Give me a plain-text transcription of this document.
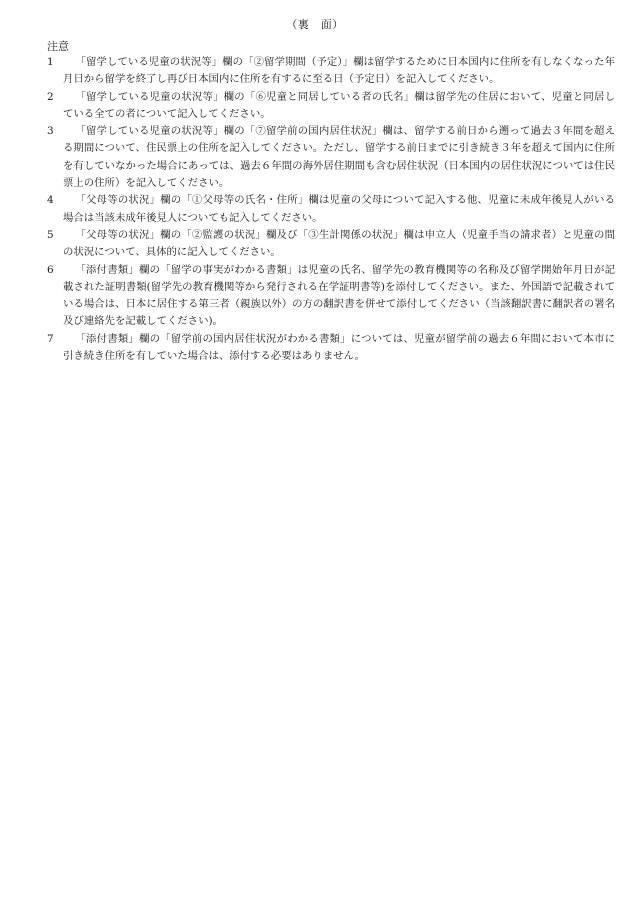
（裏　面）
注意
1	「留学している児童の状況等」欄の「②留学期間（予定）」欄は留学するために日本国内に住所を有しなくなった年月日から留学を終了し再び日本国内に住所を有するに至る日（予定日）を記入してください。
2	「留学している児童の状況等」欄の「⑥児童と同居している者の氏名」欄は留学先の住居において、児童と同居している全ての者について記入してください。
3	「留学している児童の状況等」欄の「⑦留学前の国内居住状況」欄は、留学する前日から遡って過去３年間を超える期間について、住民票上の住所を記入してください。ただし、留学する前日までに引き続き３年を超えて国内に住所を有していなかった場合にあっては、過去６年間の海外居住期間も含む居住状況（日本国内の居住状況については住民票上の住所）を記入してください。
4	「父母等の状況」欄の「①父母等の氏名・住所」欄は児童の父母について記入する他、児童に未成年後見人がいる場合は当該未成年後見人についても記入してください。
5	「父母等の状況」欄の「②監護の状況」欄及び「③生計関係の状況」欄は申立人（児童手当の請求者）と児童の間の状況について、具体的に記入してください。
6	「添付書類」欄の「留学の事実がわかる書類」は児童の氏名、留学先の教育機関等の名称及び留学開始年月日が記載された証明書類(留学先の教育機関等から発行される在学証明書等)を添付してください。また、外国語で記載されている場合は、日本に居住する第三者（親族以外）の方の翻訳書を併せて添付してください（当該翻訳書に翻訳者の署名及び連絡先を記載してください)。
7	「添付書類」欄の「留学前の国内居住状況がわかる書類」については、児童が留学前の過去６年間において本市に引き続き住所を有していた場合は、添付する必要はありません。
